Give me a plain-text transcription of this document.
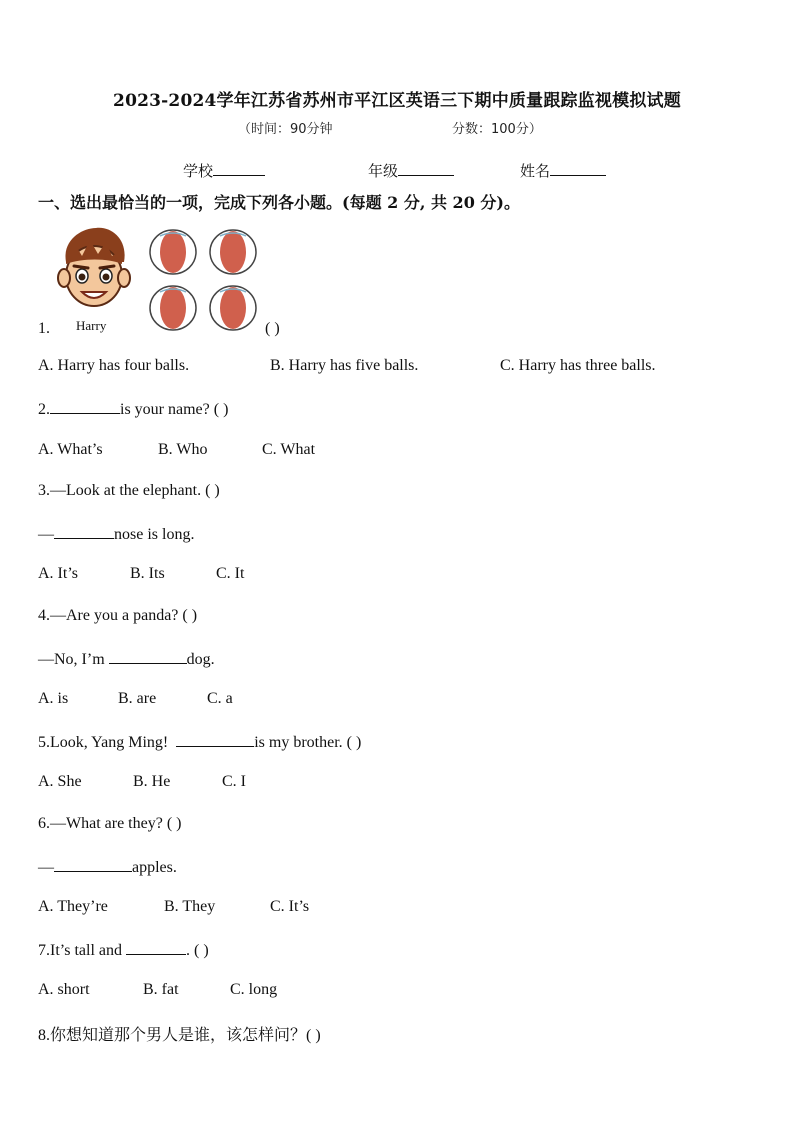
2023-2024学年江苏省苏州市平江区英语三下期中质量跟踪监视模拟试题
（时间：90分钟	分数：100分）
学校	年级	姓名
一、选出最恰当的一项，完成下列各小题。(每题 2 分, 共 20 分)。
Harry
1.	( )
A. Harry has four balls.	B. Harry has five balls.	C. Harry has three balls.
2.	is your name? ( )
A. What’s	B. Who	C. What
3.—Look at the elephant. ( )
—	nose is long.
A. It’s	B. Its	C. It
4.—Are you a panda? ( )
—No, I’m	dog.
A. is	B. are	C. a
5.Look, Yang Ming!	is my brother. ( )
A. She	B. He	C. I
6.—What are they? ( )
—	apples.
A. They’re	B. They	C. It’s
7.It’s tall and	. ( )
A. short	B. fat	C. long
8.你想知道那个男人是谁，该怎样问？( )
